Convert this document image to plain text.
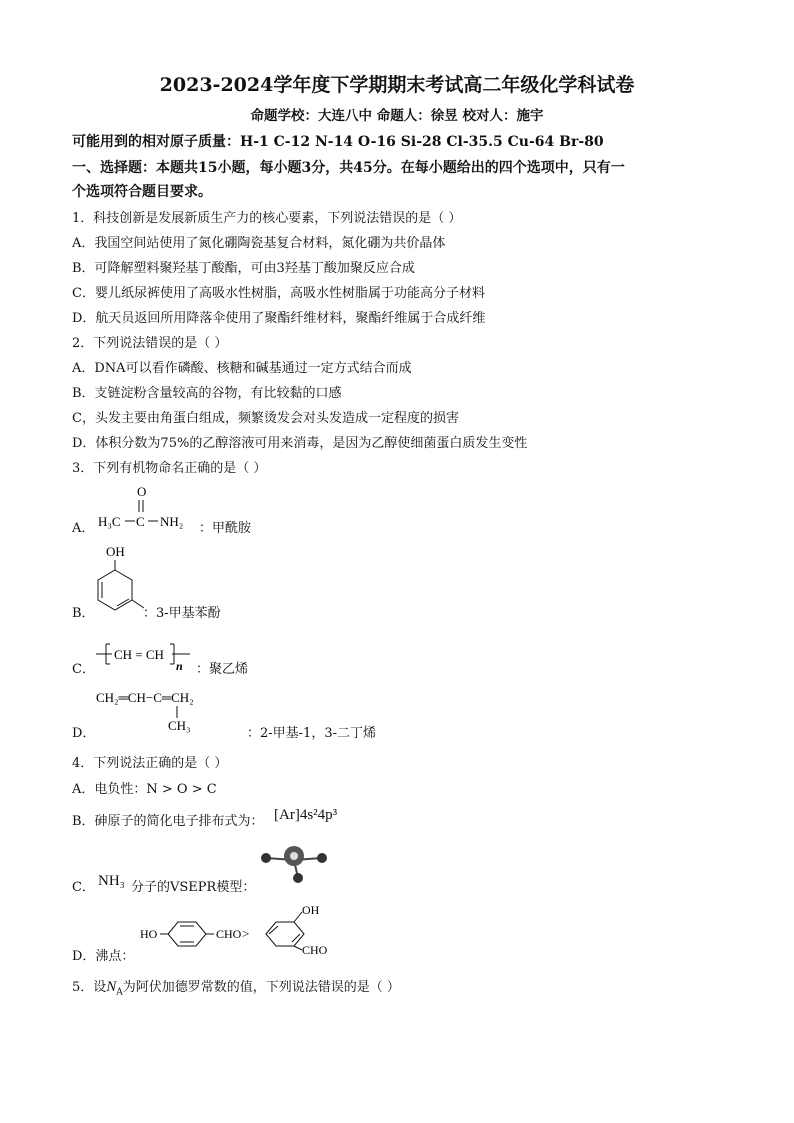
2023-2024学年度下学期期末考试高二年级化学科试卷
命题学校：大连八中 命题人：徐昱 校对人：施宇
可能用到的相对原子质量：H-1 C-12 N-14 O-16 Si-28 Cl-35.5 Cu-64 Br-80
一、选择题：本题共15小题，每小题3分，共45分。在每小题给出的四个选项中，只有一
个选项符合题目要求。
1．科技创新是发展新质生产力的核心要素，下列说法错误的是（ ）
A．我国空间站使用了氮化硼陶瓷基复合材料，氮化硼为共价晶体
B．可降解塑料聚羟基丁酸酯，可由3羟基丁酸加聚反应合成
C．婴儿纸尿裤使用了高吸水性树脂，高吸水性树脂属于功能高分子材料
D．航天员返回所用降落伞使用了聚酯纤维材料，聚酯纤维属于合成纤维
2．下列说法错误的是（ ）
A．DNA可以看作磷酸、核糖和碱基通过一定方式结合而成
B．支链淀粉含量较高的谷物，有比较黏的口感
C，头发主要由角蛋白组成，频繁烫发会对头发造成一定程度的损害
D．体积分数为75%的乙醇溶液可用来消毒，是因为乙醇使细菌蛋白质发生变性
3．下列有机物命名正确的是（ ）
A．
O
H₃C C NH₂ ：甲酰胺
B．
OH
：3-甲基苯酚
C．
CH = CH
n ：聚乙烯
D．
CH₂═CH−C═CH₂
CH₃
：2-甲基-1，3-二丁烯
4．下列说法正确的是（ ）
A．电负性：N > O > C
B．砷原子的简化电子排布式为： [Ar]4s²4p³
C． NH₃ 分子的VSEPR模型：
D．沸点：
HO	CHO >
OH
CHO
5．设$N_A$为阿伏加德罗常数的值，下列说法错误的是（ ）
